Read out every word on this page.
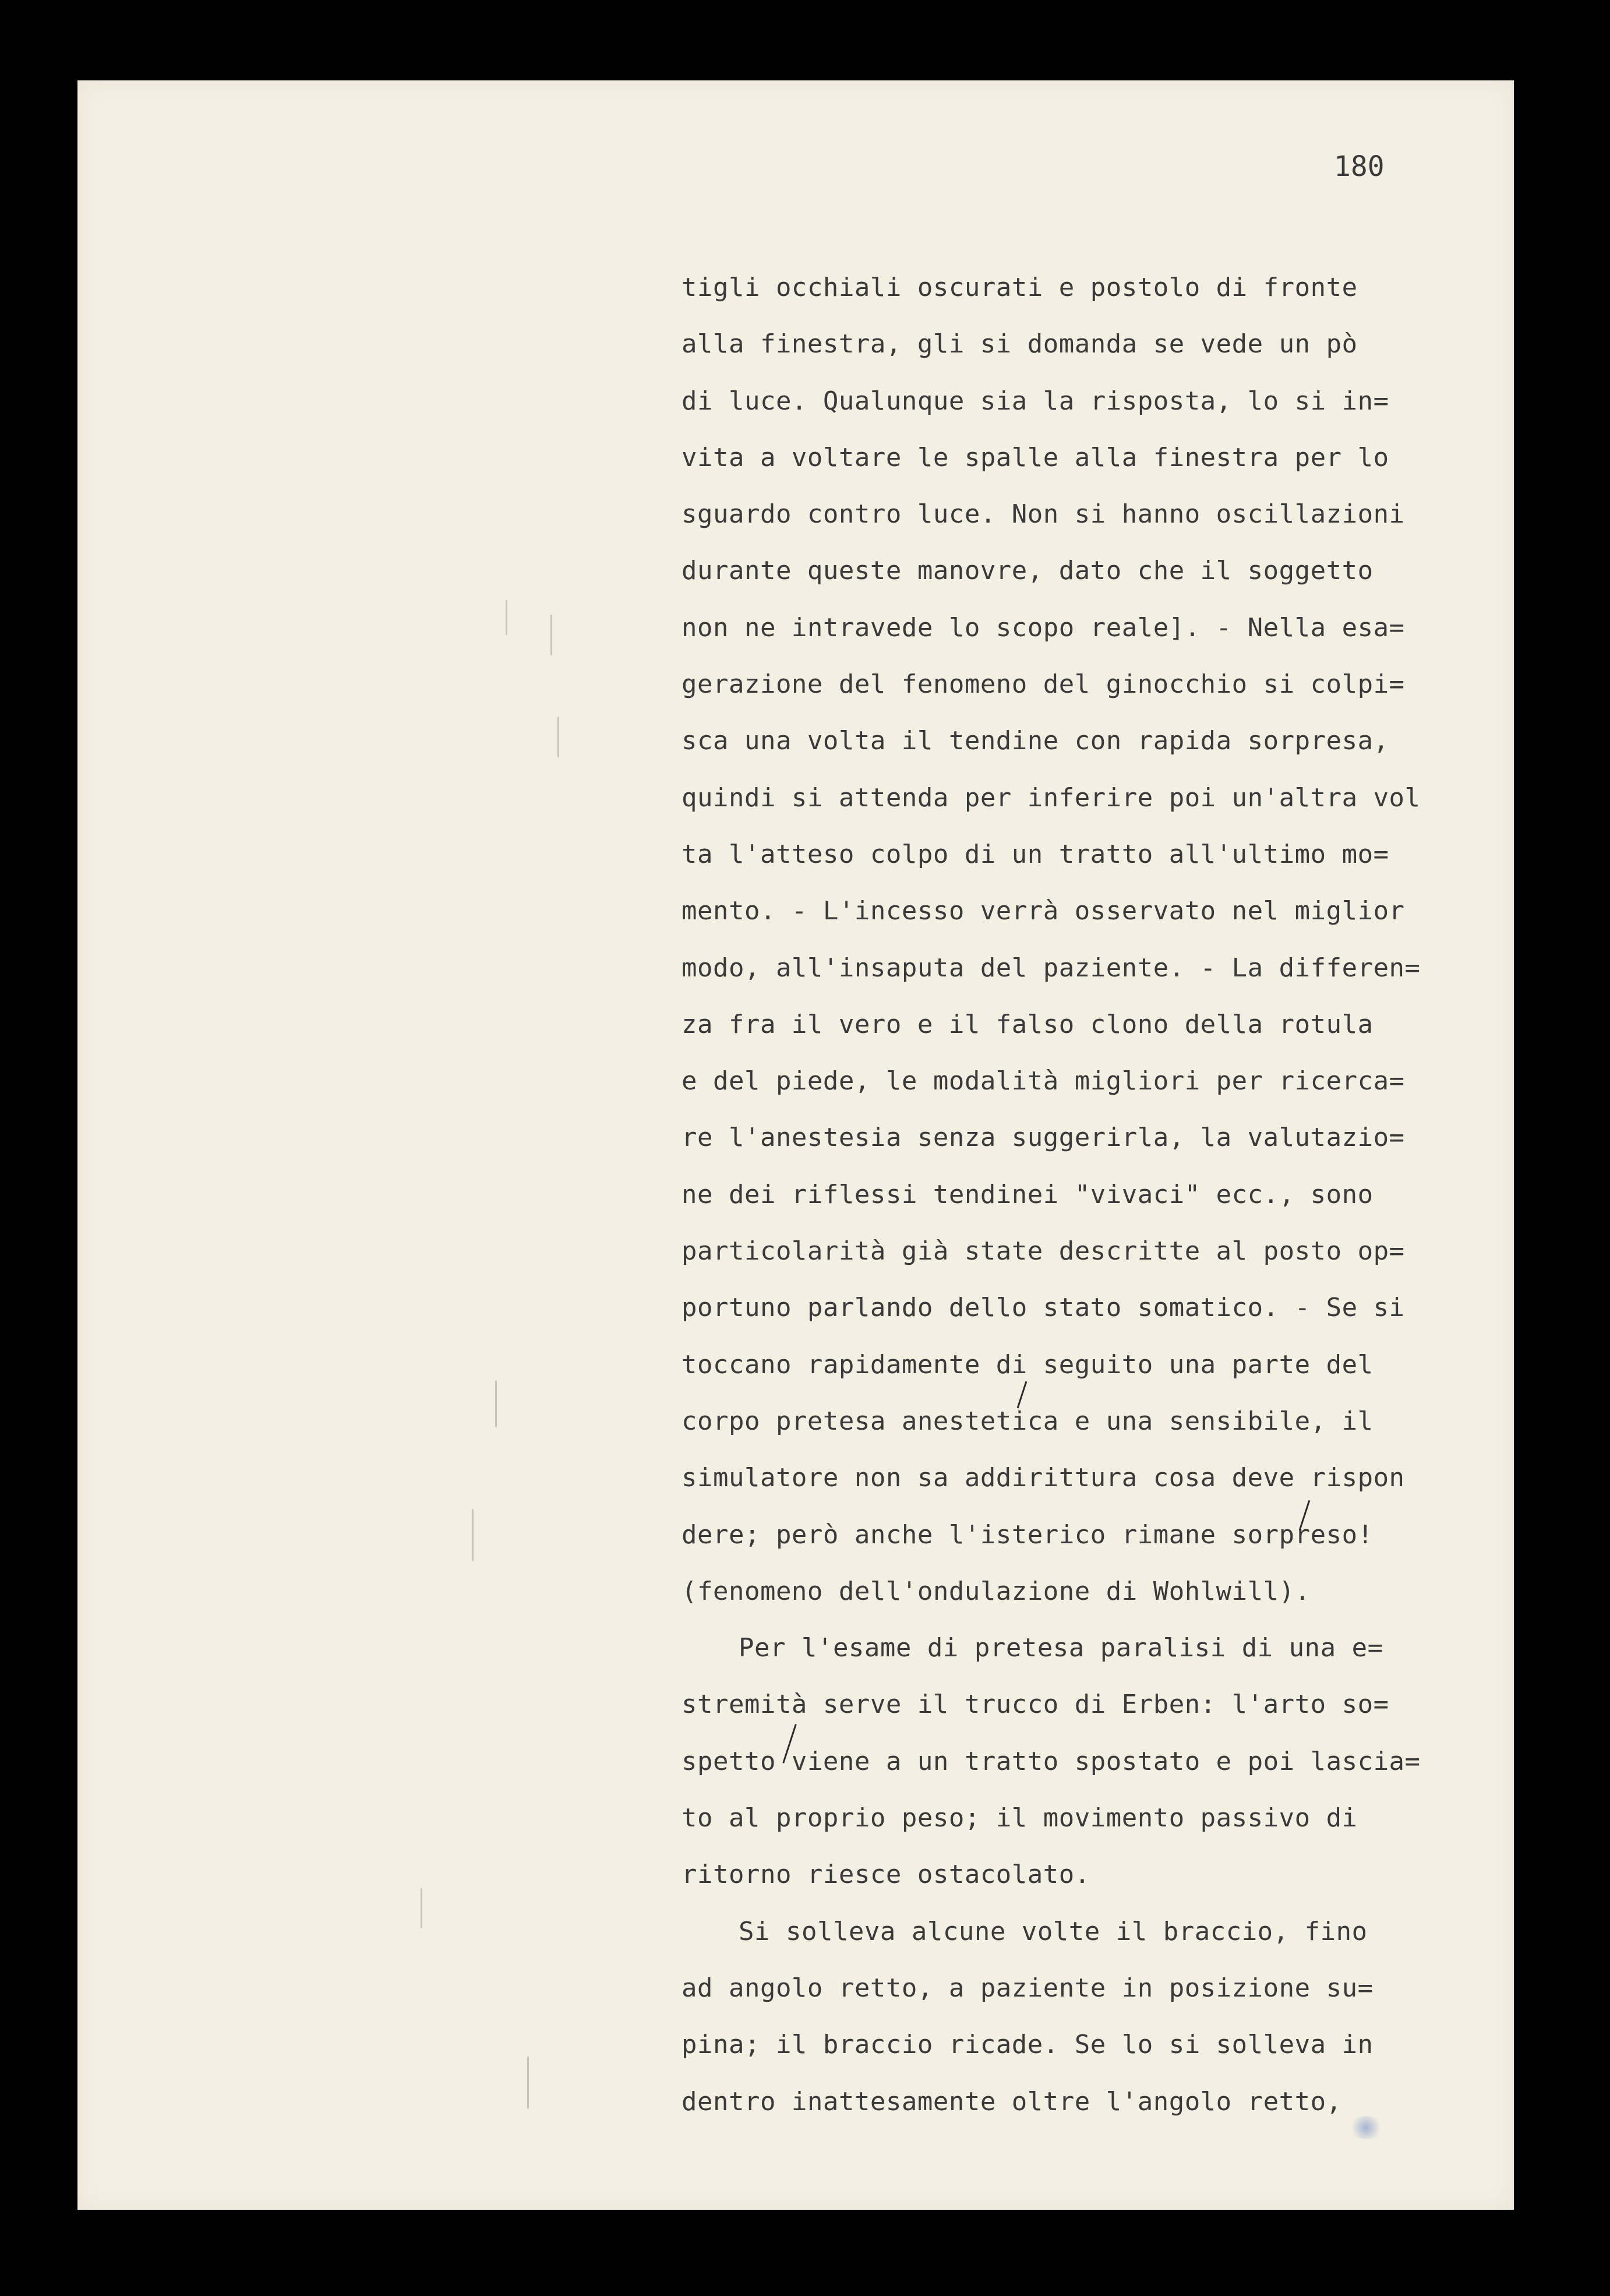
180
tigli occhiali oscurati e postolo di fronte
alla finestra, gli si domanda se vede un pò
di luce. Qualunque sia la risposta, lo si in=
vita a voltare le spalle alla finestra per lo
sguardo contro luce. Non si hanno oscillazioni
durante queste manovre, dato che il soggetto
non ne intravede lo scopo reale]. - Nella esa=
gerazione del fenomeno del ginocchio si colpi=
sca una volta il tendine con rapida sorpresa,
quindi si attenda per inferire poi un'altra vol
ta l'atteso colpo di un tratto all'ultimo mo=
mento. - L'incesso verrà osservato nel miglior
modo, all'insaputa del paziente. - La differen=
za fra il vero e il falso clono della rotula
e del piede, le modalità migliori per ricerca=
re l'anestesia senza suggerirla, la valutazio=
ne dei riflessi tendinei "vivaci" ecc., sono
particolarità già state descritte al posto op=
portuno parlando dello stato somatico. - Se si
toccano rapidamente di seguito una parte del
corpo pretesa anestetica e una sensibile, il
simulatore non sa addirittura cosa deve rispon
dere; però anche l'isterico rimane sorpreso!
(fenomeno dell'ondulazione di Wohlwill).
Per l'esame di pretesa paralisi di una e=
stremità serve il trucco di Erben: l'arto so=
spetto viene a un tratto spostato e poi lascia=
to al proprio peso; il movimento passivo di
ritorno riesce ostacolato.
Si solleva alcune volte il braccio, fino
ad angolo retto, a paziente in posizione su=
pina; il braccio ricade. Se lo si solleva in
dentro inattesamente oltre l'angolo retto,
